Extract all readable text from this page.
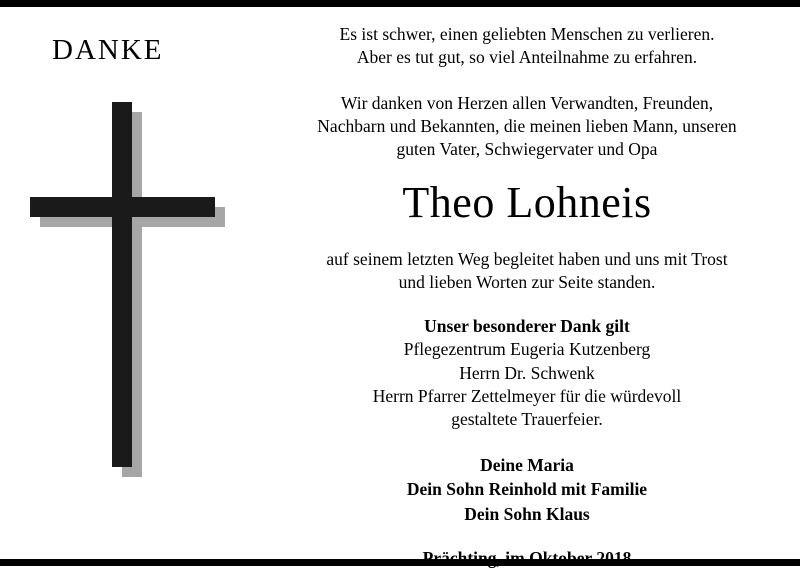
DANKE	Es ist schwer, einen geliebten Menschen zu verlieren.
Aber es tut gut, so viel Anteilnahme zu erfahren.
Wir danken von Herzen allen Verwandten, Freunden,
Nachbarn und Bekannten, die meinen lieben Mann, unseren
guten Vater, Schwiegervater und Opa
Theo Lohneis
auf seinem letzten Weg begleitet haben und uns mit Trost
und lieben Worten zur Seite standen.
Unser besonderer Dank gilt
Pflegezentrum Eugeria Kutzenberg
Herrn Dr. Schwenk
Herrn Pfarrer Zettelmeyer für die würdevoll
gestaltete Trauerfeier.
Deine Maria
Dein Sohn Reinhold mit Familie
Dein Sohn Klaus
Prächting, im Oktober 2018
